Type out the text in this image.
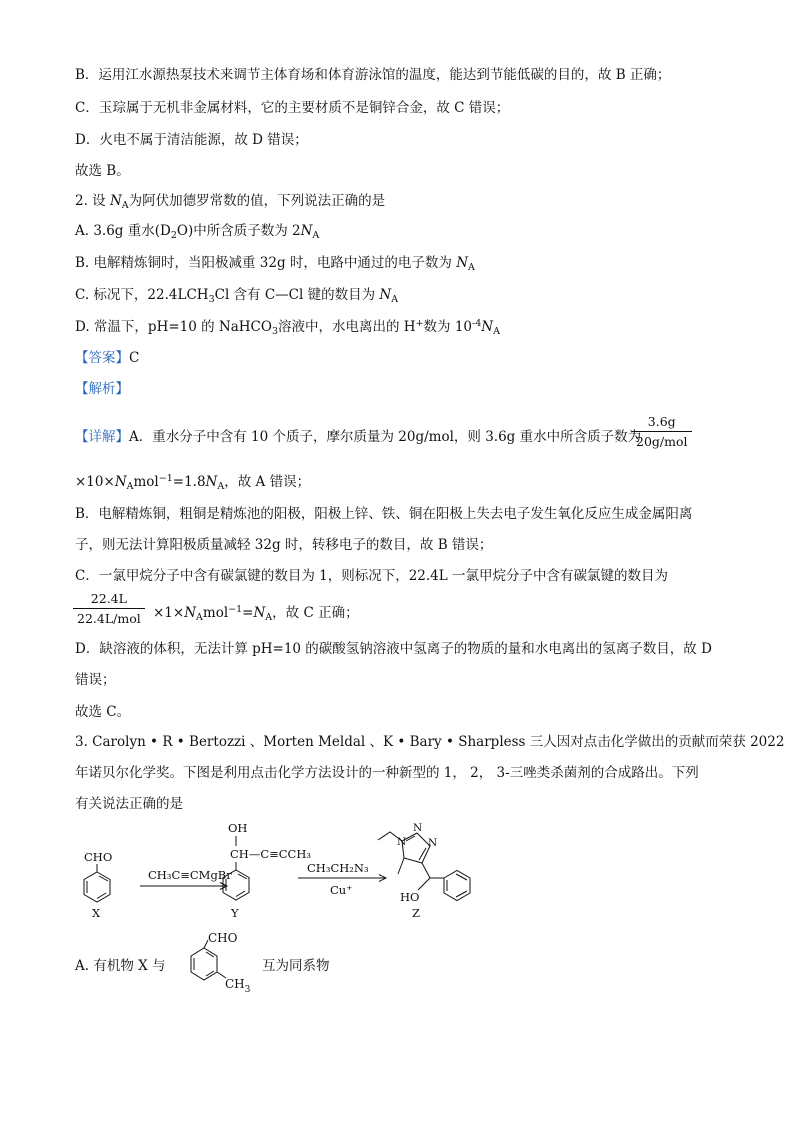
B．运用江水源热泵技术来调节主体育场和体育游泳馆的温度，能达到节能低碳的目的，故 B 正确；
C．玉琮属于无机非金属材料，它的主要材质不是铜锌合金，故 C 错误；
D．火电不属于清洁能源，故 D 错误；
故选 B。
2. 设 $N_A$为阿伏加德罗常数的值，下列说法正确的是
A. 3.6g 重水$(D_2O)$中所含质子数为 $2N_A$
B. 电解精炼铜时，当阳极减重 32g 时，电路中通过的电子数为 $N_A$
C. 标况下，$22.4LCH_3Cl$ 含有 C—Cl 键的数目为 $N_A$
D. 常温下，pH=10 的 NaHCO$_3$溶液中，水电离出的 H+数为 $10^{-4}N_A$
【答案】C
【解析】
【详解】A．重水分子中含有 10 个质子，摩尔质量为 20g/mol，则 3.6g 重水中所含质子数为
3.6g
20g/mol
$\times 10\times N_Amol^{-1}=1.8N_A$，故 A 错误；
B．电解精炼铜，粗铜是精炼池的阳极，阳极上锌、铁、铜在阳极上失去电子发生氧化反应生成金属阳离
子，则无法计算阳极质量减轻 32g 时，转移电子的数目，故 B 错误；
C．一氯甲烷分子中含有碳氯键的数目为 1，则标况下，22.4L 一氯甲烷分子中含有碳氯键的数目为
22.4L
$22.4L/mol \times 1\times N_Amol^{-1}=N_A$，故 C 正确；
D．缺溶液的体积，无法计算 pH=10 的碳酸氢钠溶液中氢离子的物质的量和水电离出的氢离子数目，故 D
错误；
故选 C。
3. Carolyn • R • Bertozzi 、Morten Meldal 、K • Bary • Sharpless 三人因对点击化学做出的贡献而荣获 2022
年诺贝尔化学奖。下图是利用点击化学方法设计的一种新型的 1， 2， 3-三唑类杀菌剂的合成路出。下列
有关说法正确的是
CHO
X
CH₃C≡CMgBr
OH
CH—C≡CCH₃
Y
CH₃CH₂N₃
Cu⁺
N
N
N
HO
Z
A. 有机物 X 与
CHO
$CH_3$
互为同系物
